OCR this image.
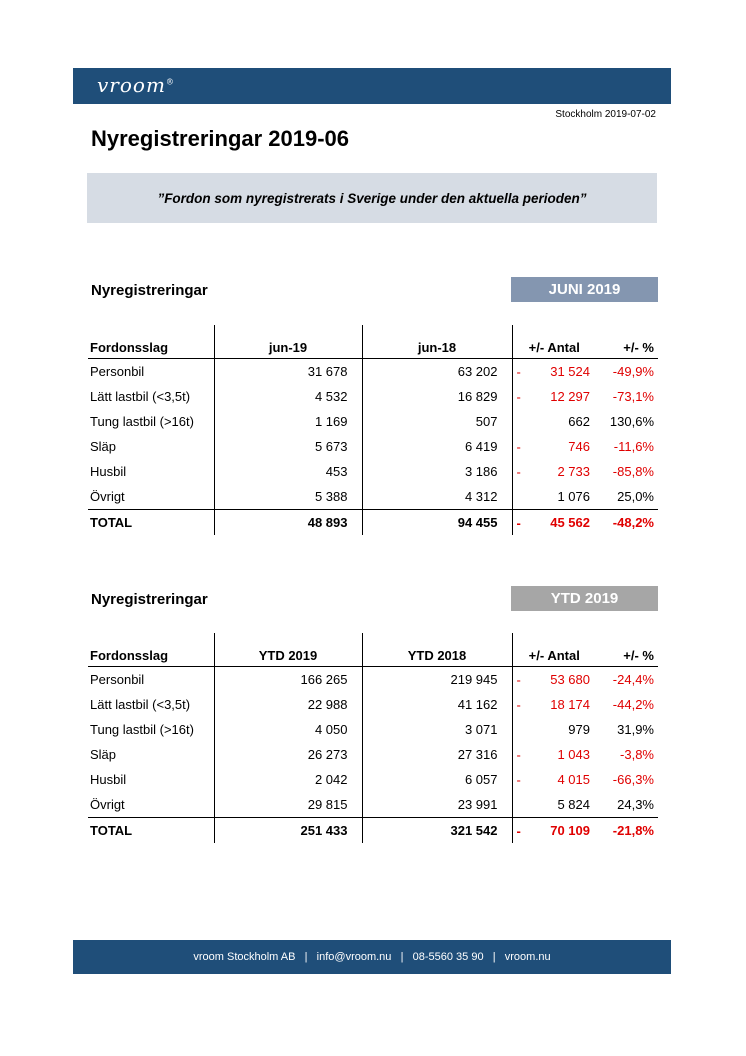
vroom®
Stockholm 2019-07-02
Nyregistreringar 2019-06
”Fordon som nyregistrerats i Sverige under den aktuella perioden”
Nyregistreringar	JUNI 2019
Fordonsslag	jun-19	jun-18	+/- Antal	+/- %
Personbil	31 678	63 202	- 31 524	-49,9%
Lätt lastbil (<3,5t)	4 532	16 829	- 12 297	-73,1%
Tung lastbil (>16t)	1 169	507	662	130,6%
Släp	5 673	6 419	- 746	-11,6%
Husbil	453	3 186	- 2 733	-85,8%
Övrigt	5 388	4 312	1 076	25,0%
TOTAL	48 893	94 455	- 45 562	-48,2%
Nyregistreringar	YTD 2019
Fordonsslag	YTD 2019	YTD 2018	+/- Antal	+/- %
Personbil	166 265	219 945	- 53 680	-24,4%
Lätt lastbil (<3,5t)	22 988	41 162	- 18 174	-44,2%
Tung lastbil (>16t)	4 050	3 071	979	31,9%
Släp	26 273	27 316	- 1 043	-3,8%
Husbil	2 042	6 057	- 4 015	-66,3%
Övrigt	29 815	23 991	5 824	24,3%
TOTAL	251 433	321 542	- 70 109	-21,8%
vroom Stockholm AB   |   info@vroom.nu   |   08-5560 35 90   |   vroom.nu
